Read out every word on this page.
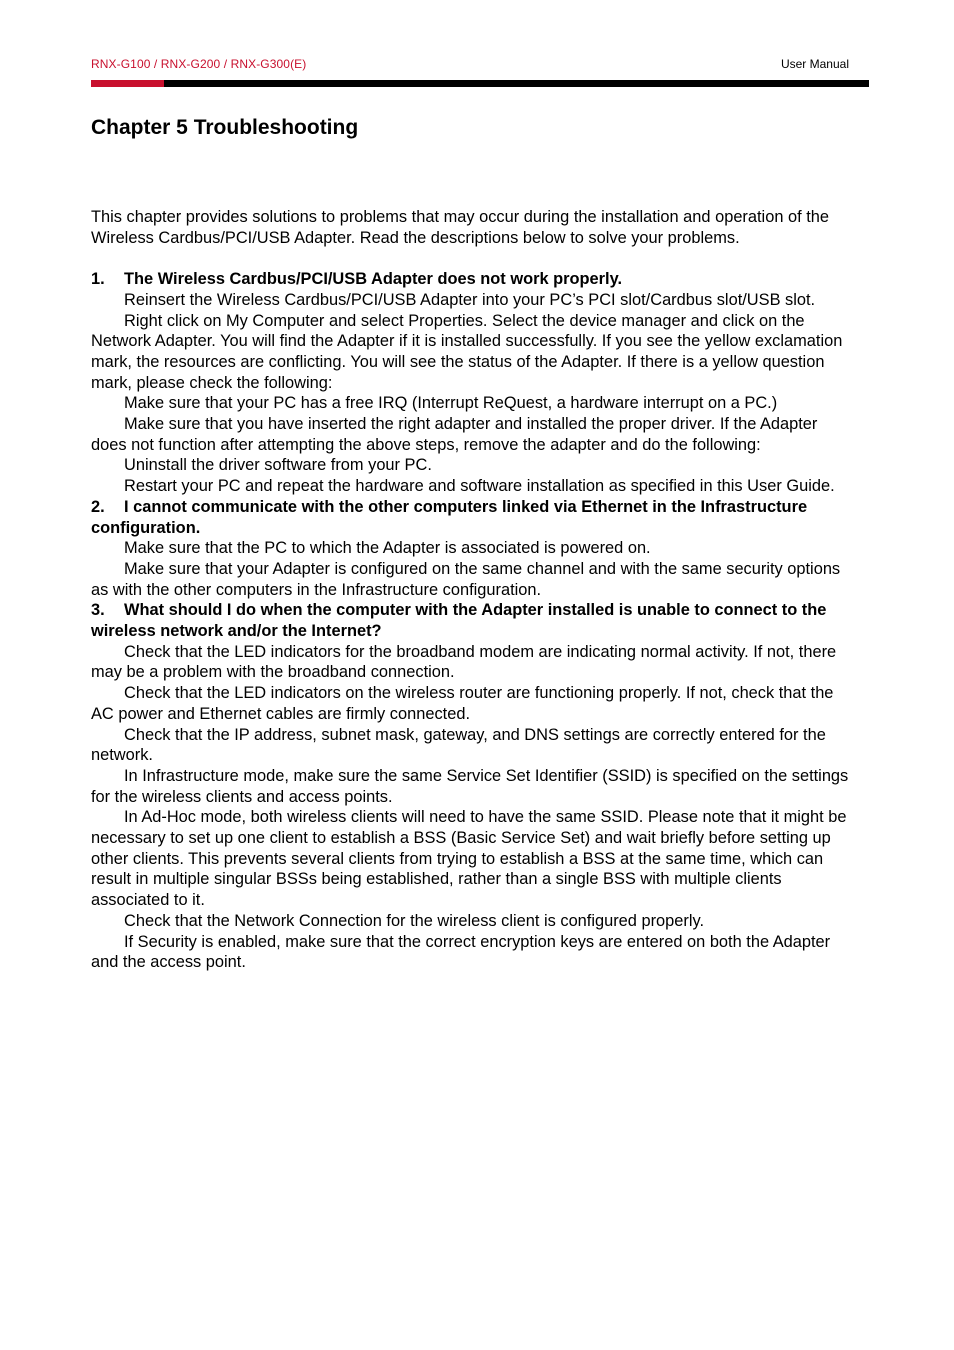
RNX-G100 / RNX-G200 / RNX-G300(E)	User Manual
Chapter 5 Troubleshooting

This chapter provides solutions to problems that may occur during the installation and operation of the Wireless Cardbus/PCI/USB Adapter. Read the descriptions below to solve your problems.

1. The Wireless Cardbus/PCI/USB Adapter does not work properly.

Reinsert the Wireless Cardbus/PCI/USB Adapter into your PC’s PCI slot/Cardbus slot/USB slot.

Right click on My Computer and select Properties. Select the device manager and click on the Network Adapter. You will find the Adapter if it is installed successfully. If you see the yellow exclamation mark, the resources are conflicting. You will see the status of the Adapter. If there is a yellow question mark, please check the following:

Make sure that your PC has a free IRQ (Interrupt ReQuest, a hardware interrupt on a PC.)

Make sure that you have inserted the right adapter and installed the proper driver. If the Adapter does not function after attempting the above steps, remove the adapter and do the following:

Uninstall the driver software from your PC.

Restart your PC and repeat the hardware and software installation as specified in this User Guide.

2. I cannot communicate with the other computers linked via Ethernet in the Infrastructure configuration.

Make sure that the PC to which the Adapter is associated is powered on.

Make sure that your Adapter is configured on the same channel and with the same security options as with the other computers in the Infrastructure configuration.

3. What should I do when the computer with the Adapter installed is unable to connect to the wireless network and/or the Internet?

Check that the LED indicators for the broadband modem are indicating normal activity. If not, there may be a problem with the broadband connection.

Check that the LED indicators on the wireless router are functioning properly. If not, check that the AC power and Ethernet cables are firmly connected.

Check that the IP address, subnet mask, gateway, and DNS settings are correctly entered for the network.

In Infrastructure mode, make sure the same Service Set Identifier (SSID) is specified on the settings for the wireless clients and access points.

In Ad-Hoc mode, both wireless clients will need to have the same SSID. Please note that it might be necessary to set up one client to establish a BSS (Basic Service Set) and wait briefly before setting up other clients. This prevents several clients from trying to establish a BSS at the same time, which can result in multiple singular BSSs being established, rather than a single BSS with multiple clients associated to it.

Check that the Network Connection for the wireless client is configured properly.

If Security is enabled, make sure that the correct encryption keys are entered on both the Adapter and the access point.
